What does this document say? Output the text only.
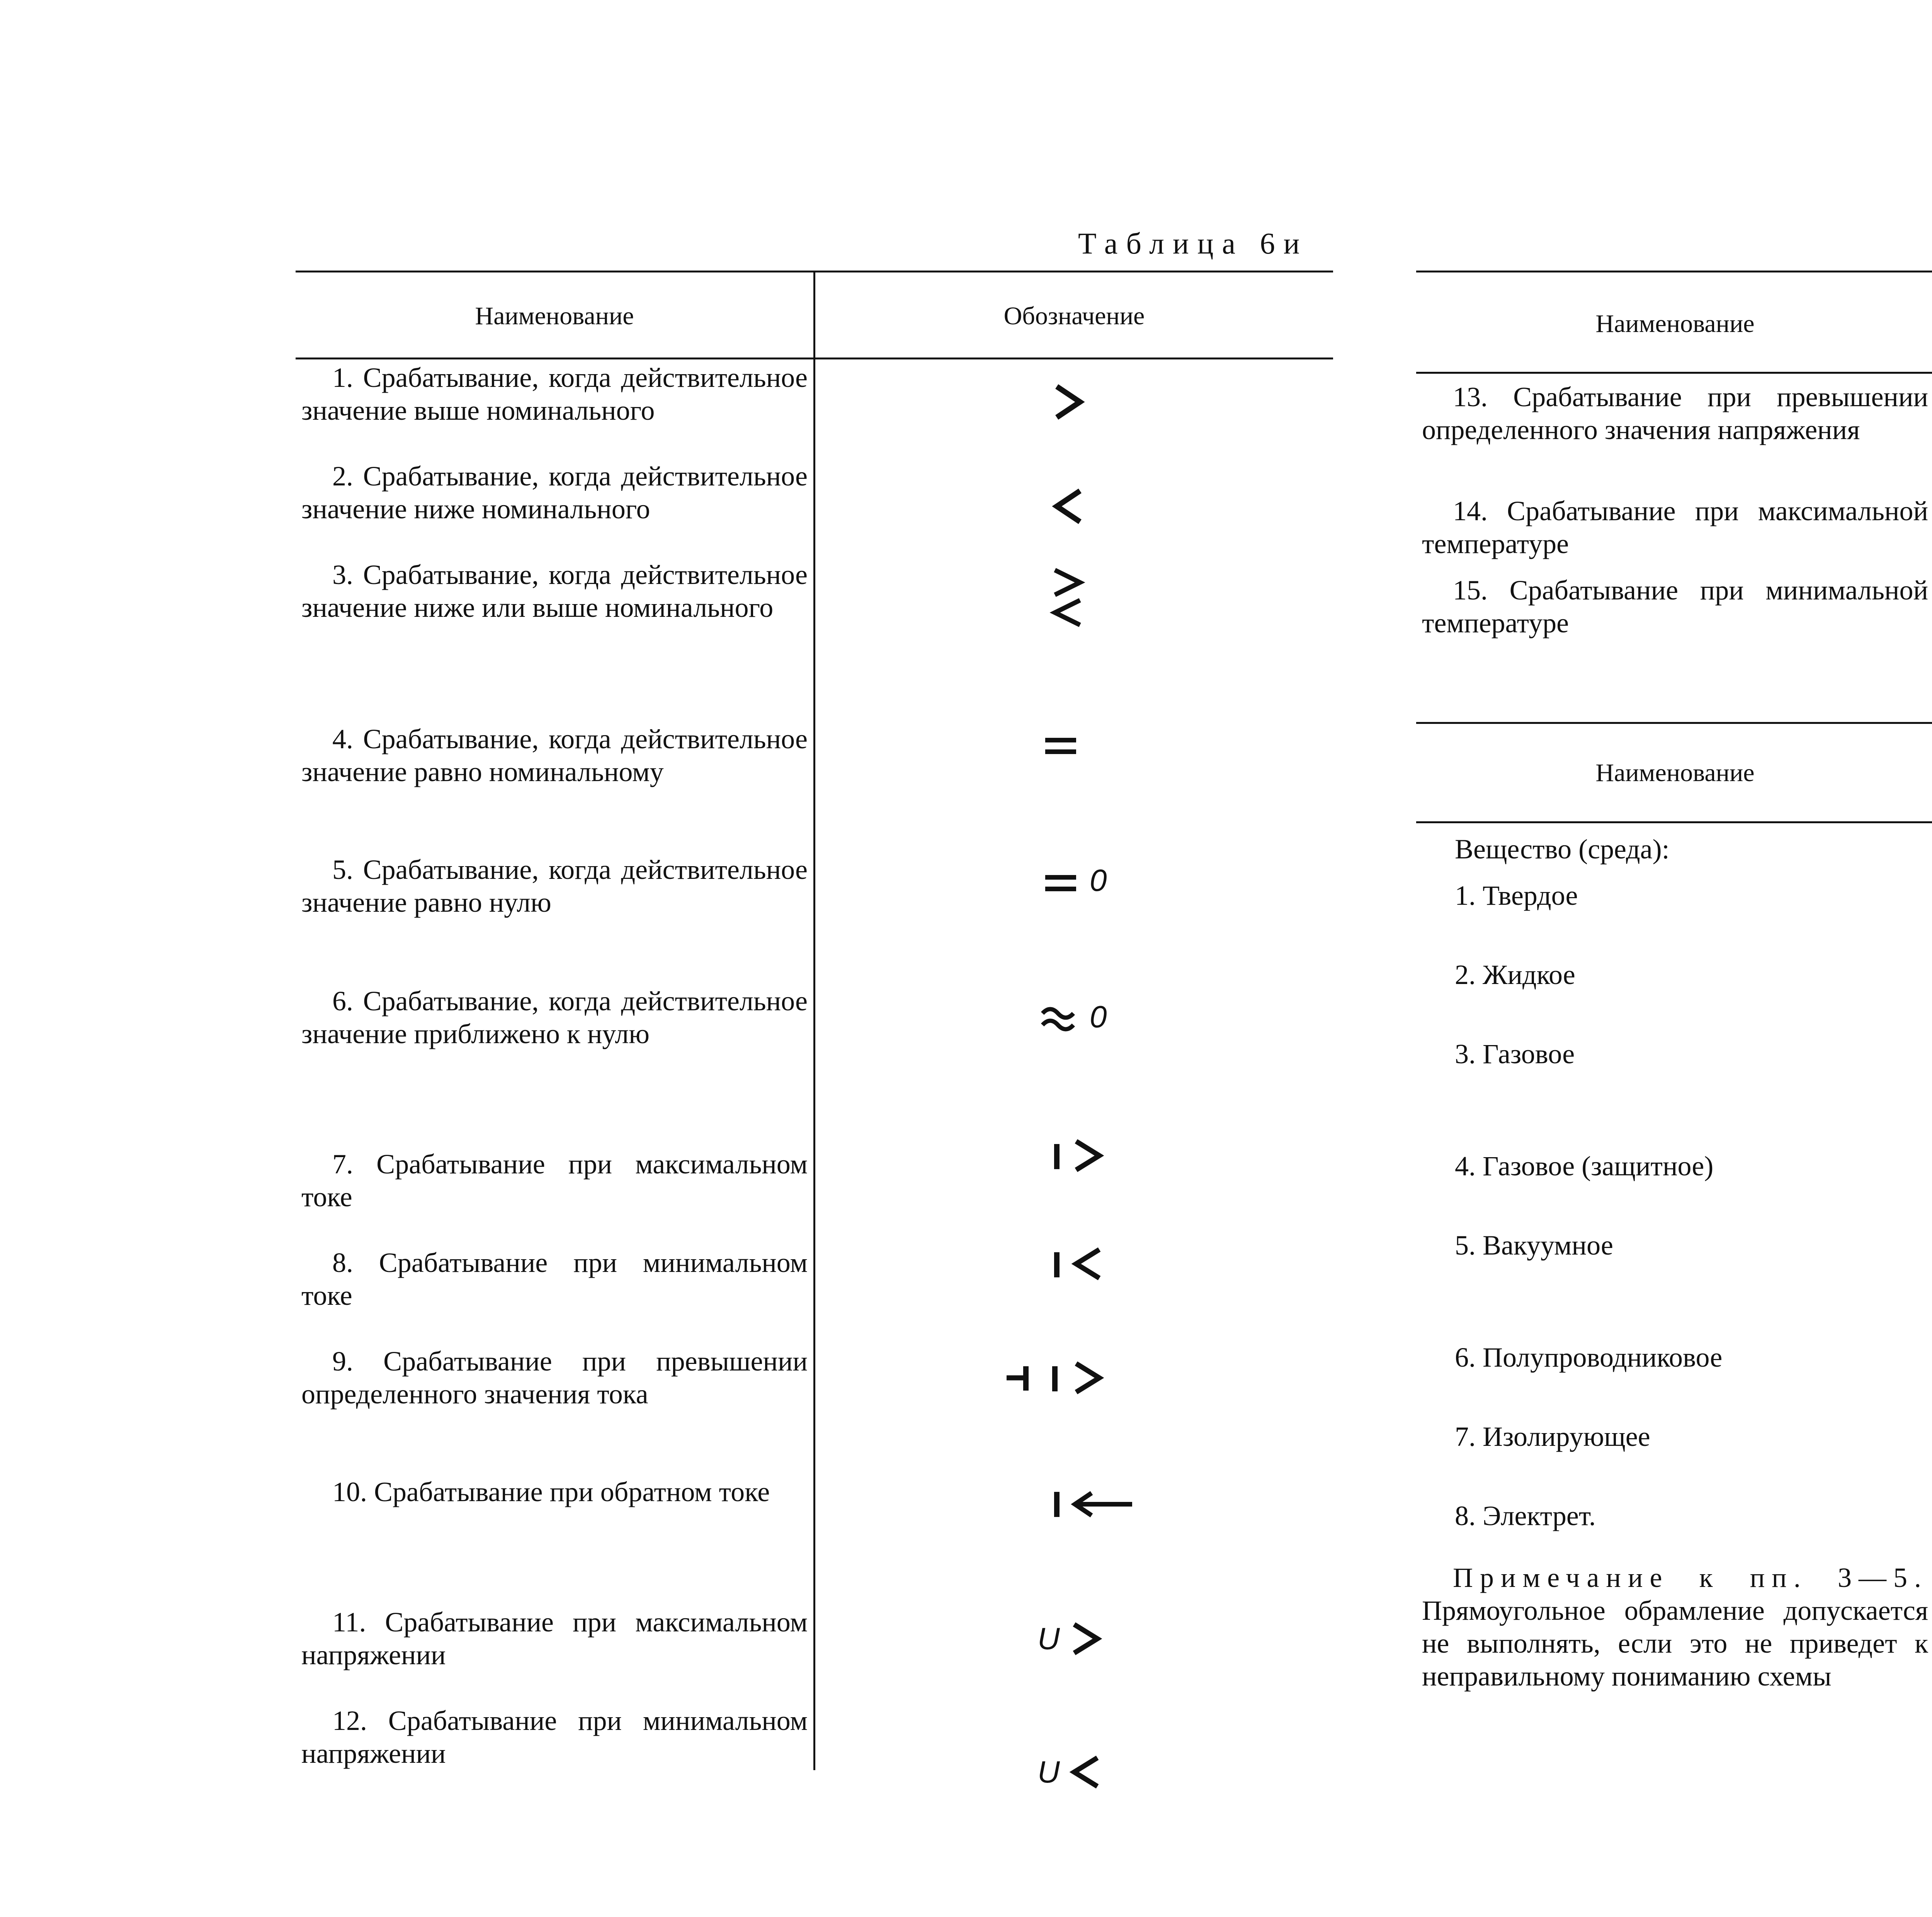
Таблица 6и
Наименование	Обозначение
1. Срабатывание, когда действительное значение выше номинального
2. Срабатывание, когда действительное значение ниже номинального
3. Срабатывание, когда действительное значение ниже или выше номинального
4. Срабатывание, когда действительное значение равно номинальному
5. Срабатывание, когда действительное значение равно нулю
6. Срабатывание, когда действительное значение приближено к нулю
7. Срабатывание при максимальном токе
8. Срабатывание при минимальном токе
9. Срабатывание при превышении определенного значения тока
10. Срабатывание при обратном токе
11. Срабатывание при максимальном напряжении
12. Срабатывание при минимальном напряжении
0
0
U
U
Наименование
13. Срабатывание при превышении определенного значения напряжения
14. Срабатывание при максимальной температуре
15. Срабатывание при минимальной температуре
Наименование
Вещество (среда):
1. Твердое
2. Жидкое
3. Газовое
4. Газовое (защитное)
5. Вакуумное
6. Полупроводниковое
7. Изолирующее
8. Электрет.
Примечание к пп. 3—5. Прямоугольное обрамление допускается не выполнять, если это не приведет к неправильному пониманию схемы
